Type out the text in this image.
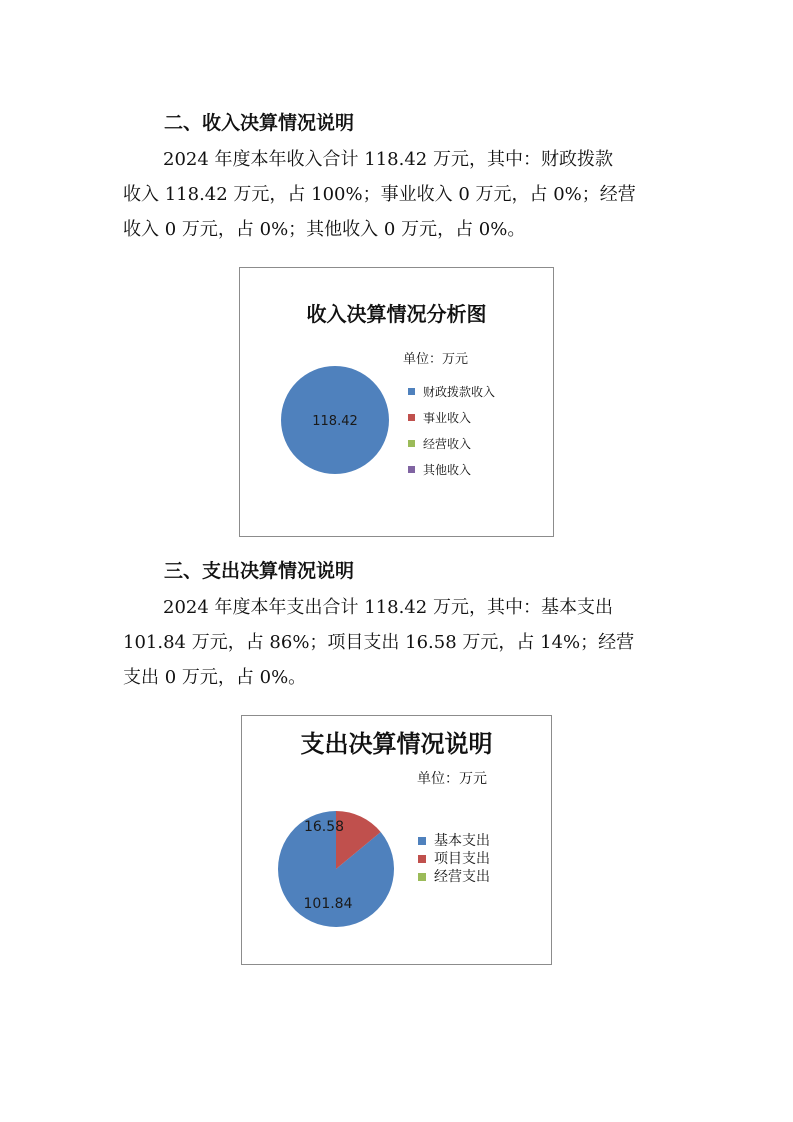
二、收入决算情况说明
2024 年度本年收入合计 118.42 万元，其中：财政拨款
收入 118.42 万元，占 100%；事业收入 0 万元，占 0%；经营
收入 0 万元，占 0%；其他收入 0 万元，占 0%。
收入决算情况分析图
单位：万元
118.42
财政拨款收入
事业收入
经营收入
其他收入
三、支出决算情况说明
2024 年度本年支出合计 118.42 万元，其中：基本支出
101.84 万元，占 86%；项目支出 16.58 万元，占 14%；经营
支出 0 万元，占 0%。
支出决算情况说明
单位：万元
101.84
16.58
基本支出
项目支出
经营支出
